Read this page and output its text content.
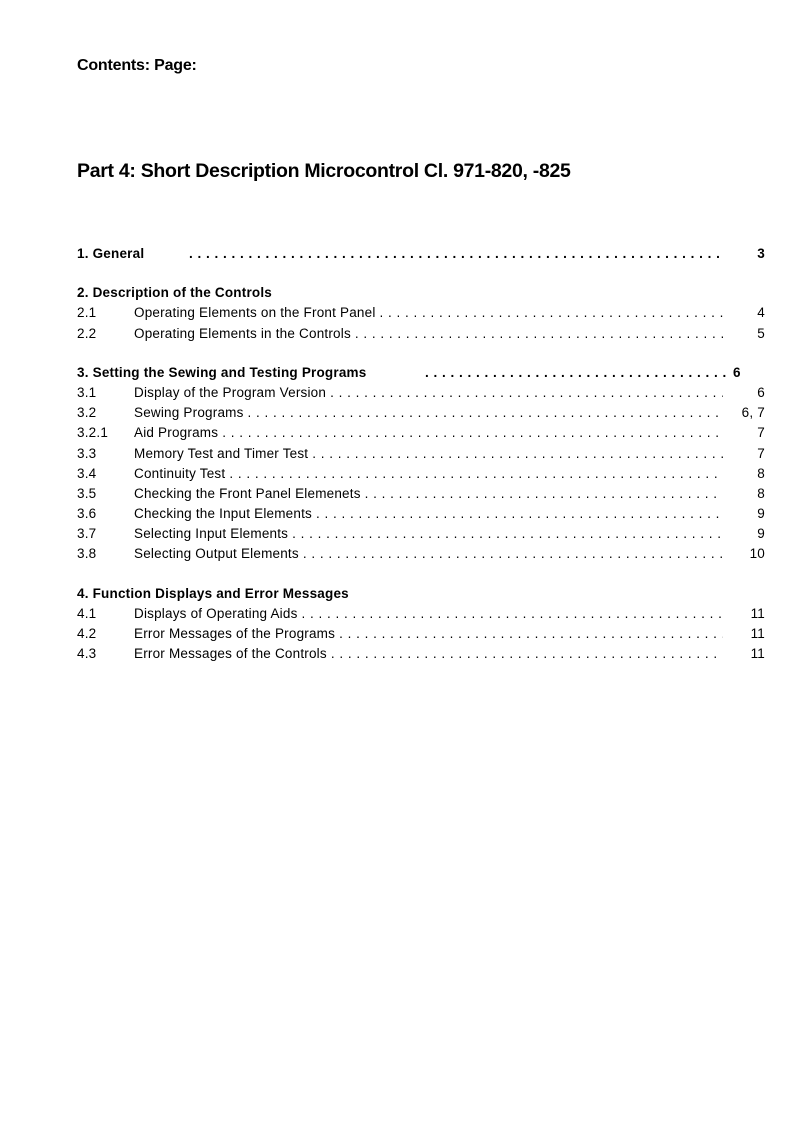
Contents: Page:
Part 4: Short Description Microcontrol Cl. 971-820, -825
1. General . . .	3
2. Description of the Controls
2.1	Operating Elements on the Front Panel . . .	4
2.2	Operating Elements in the Controls . . .	5
3. Setting the Sewing and Testing Programs . . .	6
3.1	Display of the Program Version . . .	6
3.2	Sewing Programs . . .	6, 7
3.2.1	Aid Programs . . .	7
3.3	Memory Test and Timer Test . . .	7
3.4	Continuity Test . . .	8
3.5	Checking the Front Panel Elemenets . . .	8
3.6	Checking the Input Elements . . .	9
3.7	Selecting Input Elements . . .	9
3.8	Selecting Output Elements . . .	10
4. Function Displays and Error Messages
4.1	Displays of Operating Aids . . .	11
4.2	Error Messages of the Programs . . .	11
4.3	Error Messages of the Controls . . .	11
